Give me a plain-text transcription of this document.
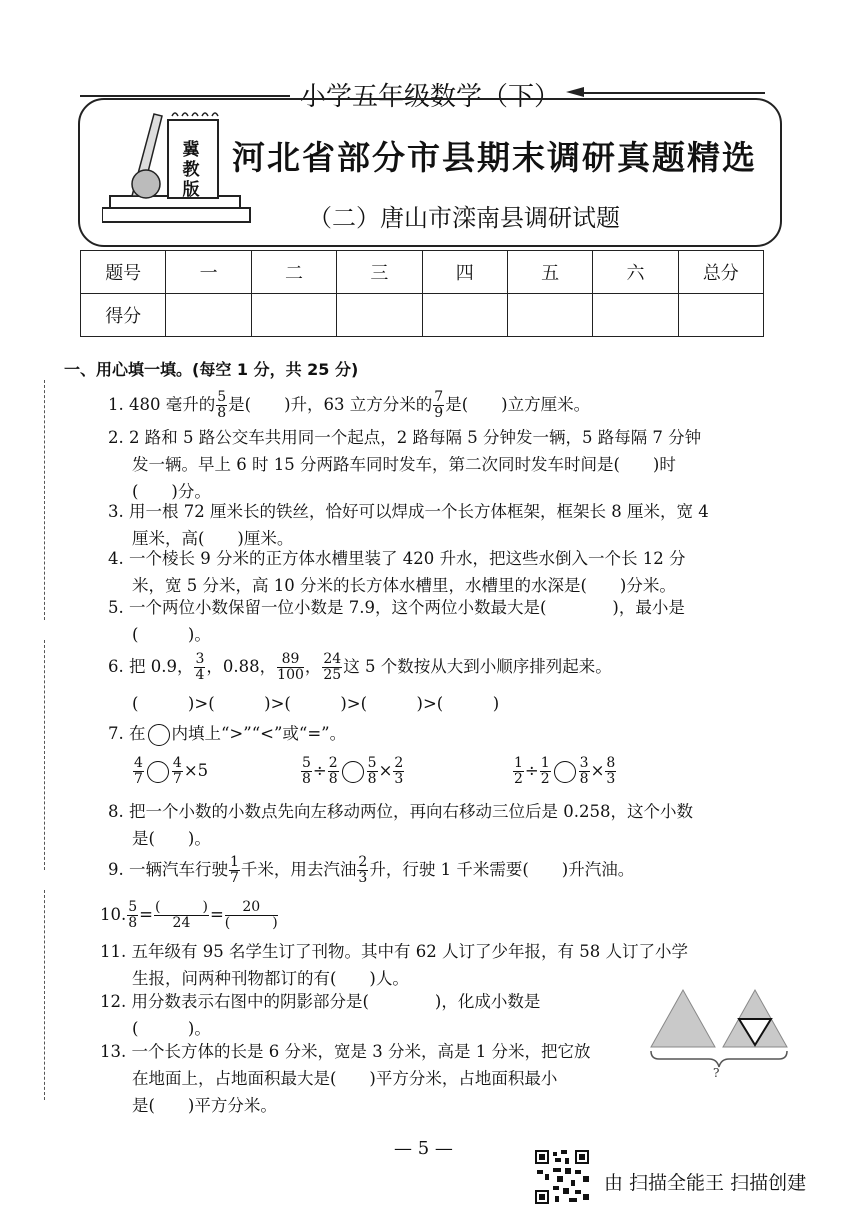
小学五年级数学（下）
冀教版
河北省部分市县期末调研真题精选
（二）唐山市滦南县调研试题
题号	一	二	三	四	五	六	总分
得分							
一、用心填一填。(每空 1 分，共 25 分)
1. 480 毫升的 $\frac{5}{8}$ 是(　　)升，63 立方分米的 $\frac{7}{9}$ 是(　　)立方厘米。
2. 2 路和 5 路公交车共用同一个起点，2 路每隔 5 分钟发一辆，5 路每隔 7 分钟
发一辆。早上 6 时 15 分两路车同时发车，第二次同时发车时间是(　　)时
(　　)分。
3. 用一根 72 厘米长的铁丝，恰好可以焊成一个长方体框架，框架长 8 厘米，宽 4
厘米，高(　　)厘米。
4. 一个棱长 9 分米的正方体水槽里装了 420 升水，把这些水倒入一个长 12 分
米，宽 5 分米，高 10 分米的长方体水槽里，水槽里的水深是(　　)分米。
5. 一个两位小数保留一位小数是 7.9，这个两位小数最大是(　　　　)，最小是
(　　　)。
6. 把 0.9， $\frac{3}{4}$ ，0.88， $\frac{89}{100}$ ， $\frac{24}{25}$ 这 5 个数按从大到小顺序排列起来。
(　　　)>(　　　)>(　　　)>(　　　)>(　　　)
7. 在 内填上“>”“<”或“=”。
$\frac{4}{7} \frac{4}{7} \times 5$	$\frac{5}{8} \div \frac{2}{8} \frac{5}{8} \times \frac{2}{3}$	$\frac{1}{2} \div \frac{1}{2} \frac{3}{8} \times \frac{8}{3}$
8. 把一个小数的小数点先向左移动两位，再向右移动三位后是 0.258，这个小数
是(　　)。
9. 一辆汽车行驶 $\frac{1}{7}$ 千米，用去汽油 $\frac{2}{3}$ 升，行驶 1 千米需要(　　)升汽油。
10. $\frac{5}{8} = \frac{( )}{24} = \frac{20}{( )}$
11. 五年级有 95 名学生订了刊物。其中有 62 人订了少年报，有 58 人订了小学
生报，问两种刊物都订的有(　　)人。
12. 用分数表示右图中的阴影部分是(　　　　)，化成小数是
(　　　)。
13. 一个长方体的长是 6 分米，宽是 3 分米，高是 1 分米，把它放
在地面上，占地面积最大是(　　)平方分米，占地面积最小
是(　　)平方分米。
?
— 5 —
由 扫描全能王 扫描创建
